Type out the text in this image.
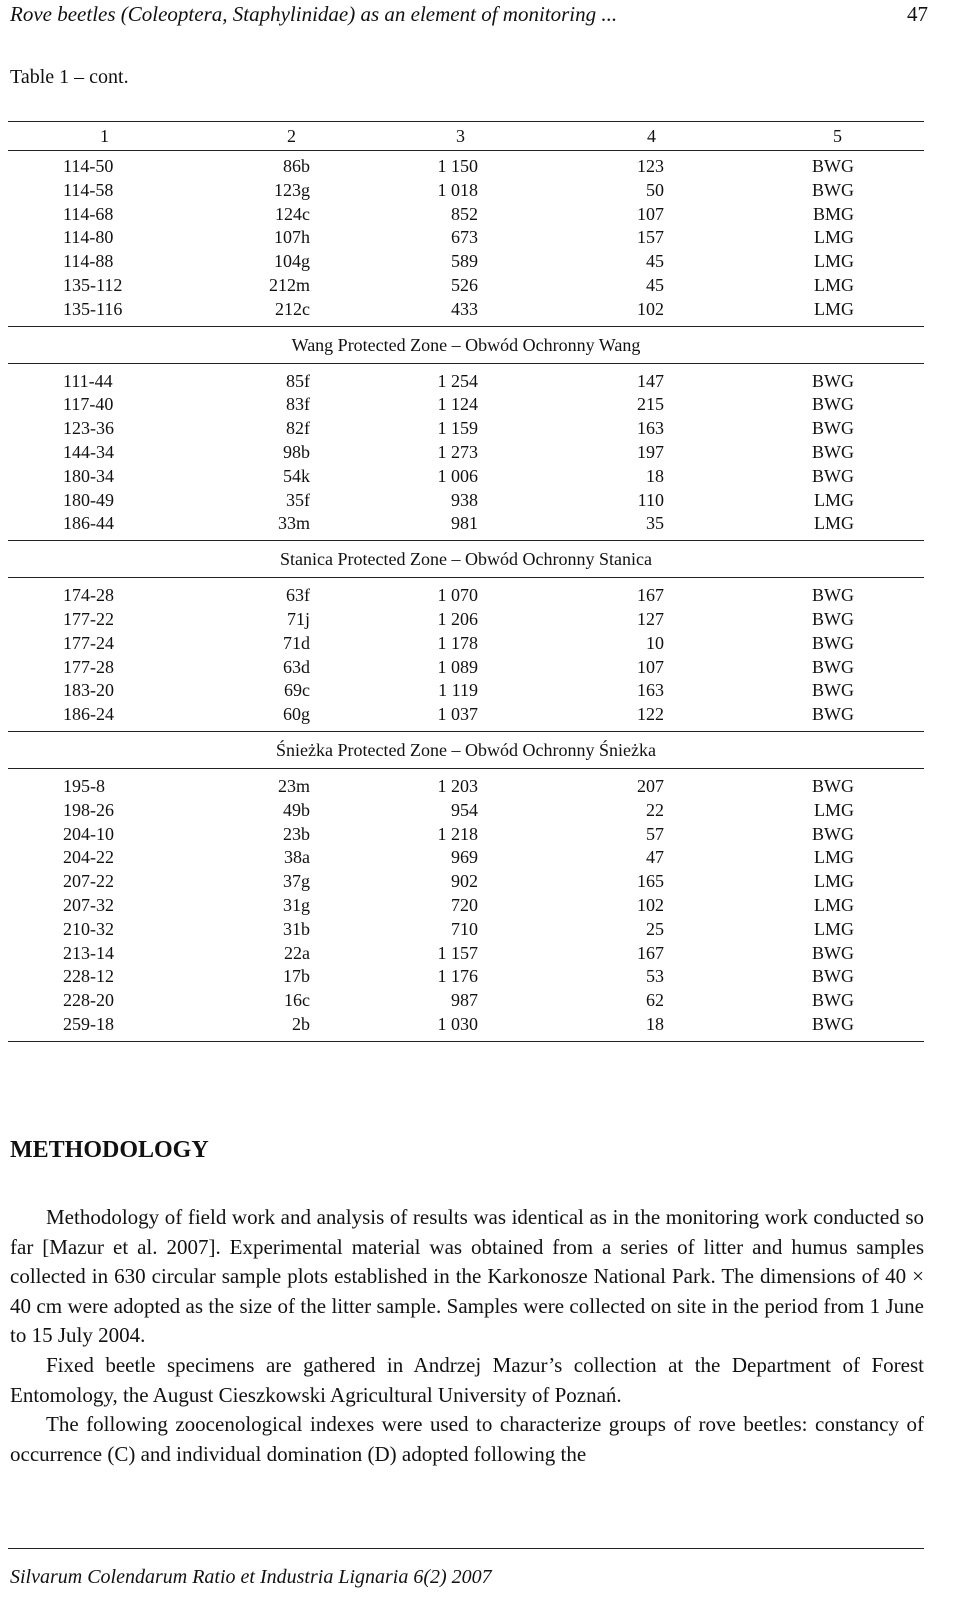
Rove beetles (Coleoptera, Staphylinidae) as an element of monitoring ...	47
Table 1 – cont.
1	2	3	4	5
114-50	86b	1 150	123	BWG
114-58	123g	1 018	50	BWG
114-68	124c	852	107	BMG
114-80	107h	673	157	LMG
114-88	104g	589	45	LMG
135-112	212m	526	45	LMG
135-116	212c	433	102	LMG
Wang Protected Zone – Obwód Ochronny Wang
111-44	85f	1 254	147	BWG
117-40	83f	1 124	215	BWG
123-36	82f	1 159	163	BWG
144-34	98b	1 273	197	BWG
180-34	54k	1 006	18	BWG
180-49	35f	938	110	LMG
186-44	33m	981	35	LMG
Stanica Protected Zone – Obwód Ochronny Stanica
174-28	63f	1 070	167	BWG
177-22	71j	1 206	127	BWG
177-24	71d	1 178	10	BWG
177-28	63d	1 089	107	BWG
183-20	69c	1 119	163	BWG
186-24	60g	1 037	122	BWG
Śnieżka Protected Zone – Obwód Ochronny Śnieżka
195-8	23m	1 203	207	BWG
198-26	49b	954	22	LMG
204-10	23b	1 218	57	BWG
204-22	38a	969	47	LMG
207-22	37g	902	165	LMG
207-32	31g	720	102	LMG
210-32	31b	710	25	LMG
213-14	22a	1 157	167	BWG
228-12	17b	1 176	53	BWG
228-20	16c	987	62	BWG
259-18	2b	1 030	18	BWG
METHODOLOGY

Methodology of field work and analysis of results was identical as in the monitoring work conducted so far [Mazur et al. 2007]. Experimental material was obtained from a series of litter and humus samples collected in 630 circular sample plots established in the Karkonosze National Park. The dimensions of 40 × 40 cm were adopted as the size of the litter sample. Samples were collected on site in the period from 1 June to 15 July 2004.

Fixed beetle specimens are gathered in Andrzej Mazur’s collection at the Department of Forest Entomology, the August Cieszkowski Agricultural University of Poznań.

The following zoocenological indexes were used to characterize groups of rove beetles: constancy of occurrence (C) and individual domination (D) adopted following the

Silvarum Colendarum Ratio et Industria Lignaria 6(2) 2007
